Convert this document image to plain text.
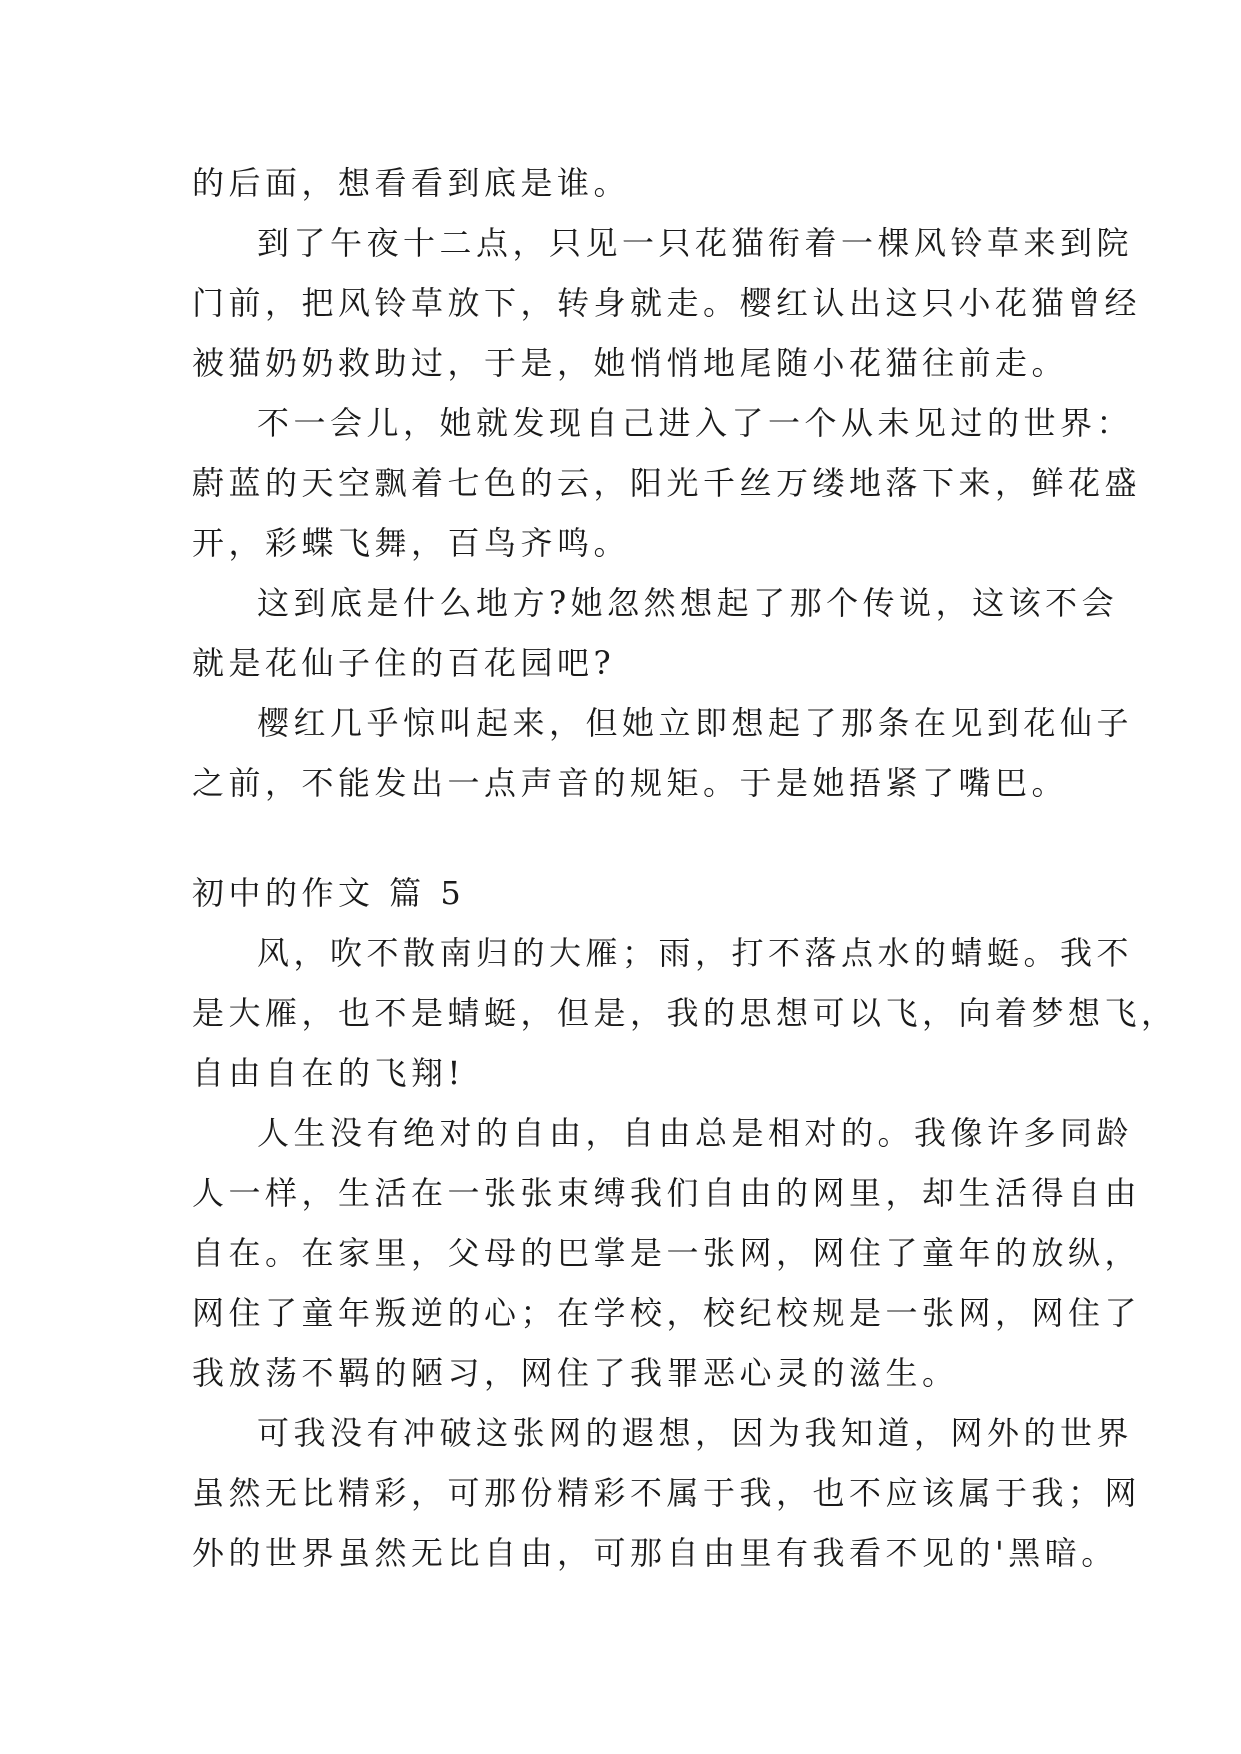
的后面，想看看到底是谁。
到了午夜十二点，只见一只花猫衔着一棵风铃草来到院
门前，把风铃草放下，转身就走。樱红认出这只小花猫曾经
被猫奶奶救助过，于是，她悄悄地尾随小花猫往前走。
不一会儿，她就发现自己进入了一个从未见过的世界：
蔚蓝的天空飘着七色的云，阳光千丝万缕地落下来，鲜花盛
开，彩蝶飞舞，百鸟齐鸣。
这到底是什么地方?她忽然想起了那个传说，这该不会
就是花仙子住的百花园吧?
樱红几乎惊叫起来，但她立即想起了那条在见到花仙子
之前，不能发出一点声音的规矩。于是她捂紧了嘴巴。
初中的作文 篇 5
风，吹不散南归的大雁；雨，打不落点水的蜻蜓。我不
是大雁，也不是蜻蜓，但是，我的思想可以飞，向着梦想飞，
自由自在的飞翔!
人生没有绝对的自由，自由总是相对的。我像许多同龄
人一样，生活在一张张束缚我们自由的网里，却生活得自由
自在。在家里，父母的巴掌是一张网，网住了童年的放纵，
网住了童年叛逆的心；在学校，校纪校规是一张网，网住了
我放荡不羁的陋习，网住了我罪恶心灵的滋生。
可我没有冲破这张网的遐想，因为我知道，网外的世界
虽然无比精彩，可那份精彩不属于我，也不应该属于我；网
外的世界虽然无比自由，可那自由里有我看不见的'黑暗。
